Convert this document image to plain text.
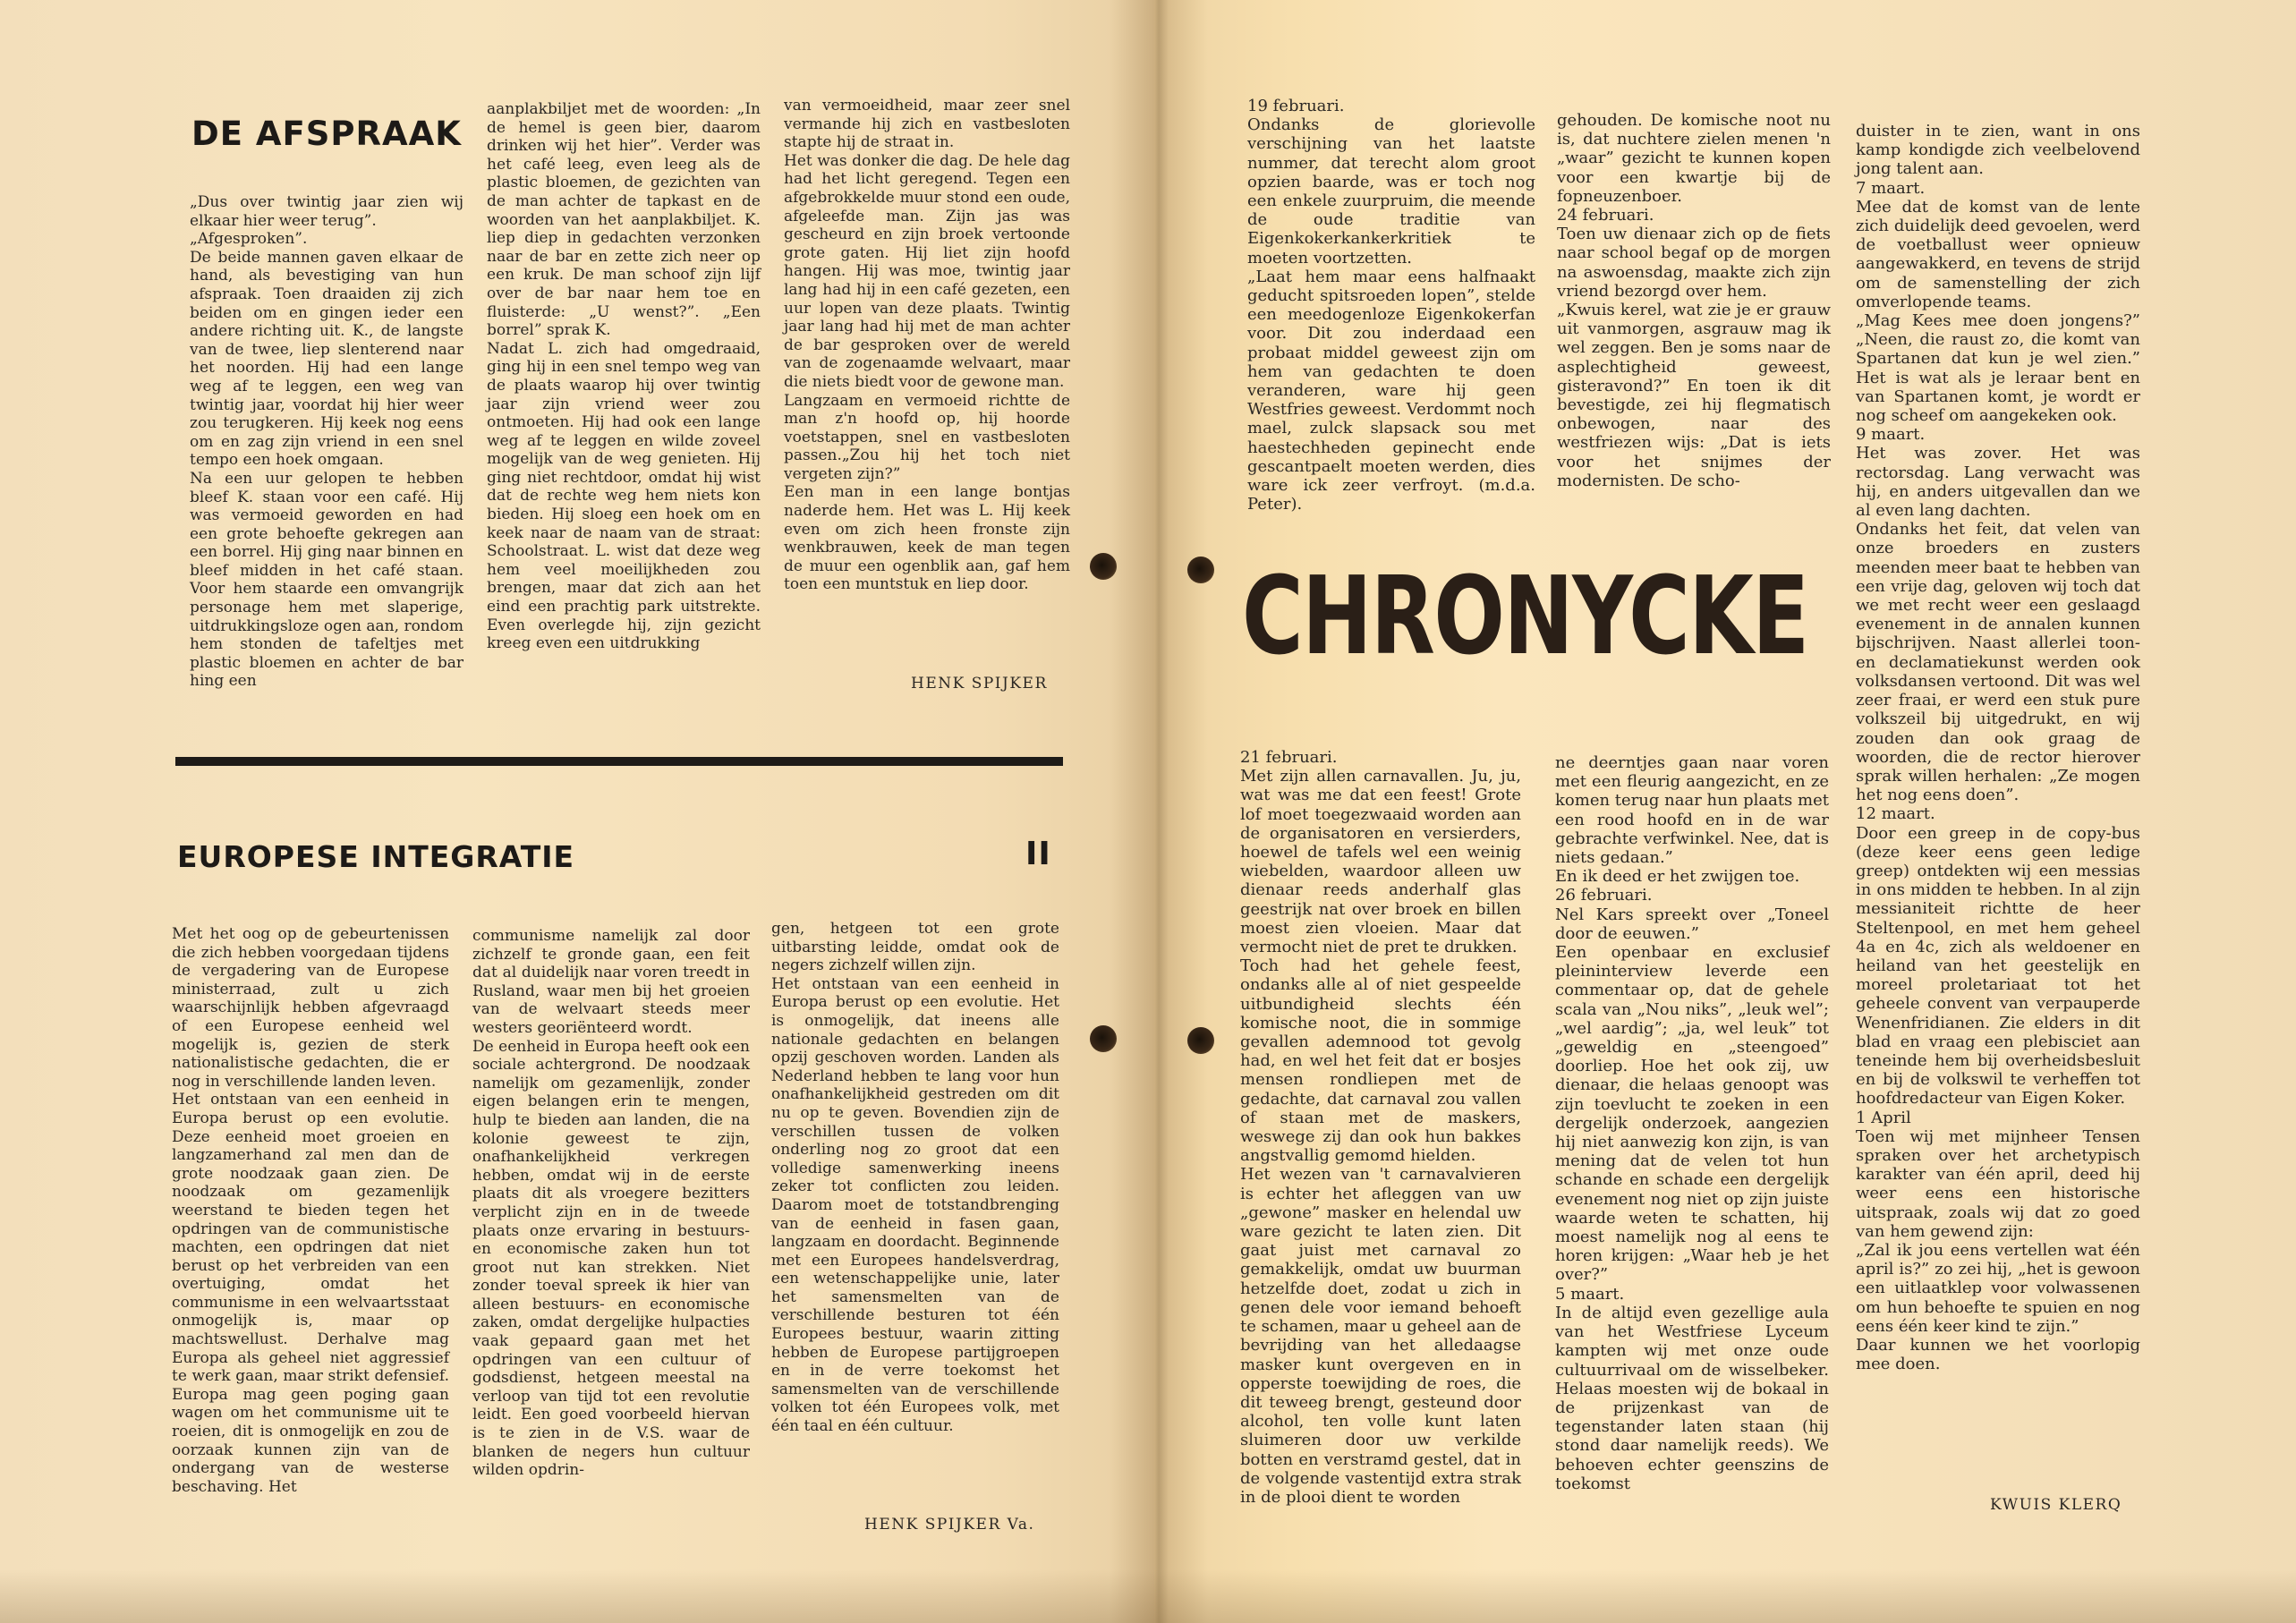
DE AFSPRAAK

„Dus over twintig jaar zien wij elkaar hier weer terug”.
„Afgesproken”.
De beide mannen gaven elkaar de hand, als bevestiging van hun afspraak. Toen draaiden zij zich beiden om en gingen ieder een andere richting uit. K., de langste van de twee, liep slenterend naar het noorden. Hij had een lange weg af te leggen, een weg van twintig jaar, voordat hij hier weer zou terugkeren. Hij keek nog eens om en zag zijn vriend in een snel tempo een hoek omgaan.
Na een uur gelopen te hebben bleef K. staan voor een café. Hij was vermoeid geworden en had een grote behoefte gekregen aan een borrel. Hij ging naar binnen en bleef midden in het café staan. Voor hem staarde een omvangrijk personage hem met slaperige, uitdrukkingsloze ogen aan, rondom hem stonden de tafeltjes met plastic bloemen en achter de bar hing een

aanplakbiljet met de woorden: „In de hemel is geen bier, daarom drinken wij het hier”. Verder was het café leeg, even leeg als de plastic bloemen, de gezichten van de man achter de tapkast en de woorden van het aanplakbiljet. K. liep diep in gedachten verzonken naar de bar en zette zich neer op een kruk. De man schoof zijn lijf over de bar naar hem toe en fluisterde: „U wenst?”. „Een borrel” sprak K.
Nadat L. zich had omgedraaid, ging hij in een snel tempo weg van de plaats waarop hij over twintig jaar zijn vriend weer zou ontmoeten. Hij had ook een lange weg af te leggen en wilde zoveel mogelijk van de weg genieten. Hij ging niet rechtdoor, omdat hij wist dat de rechte weg hem niets kon bieden. Hij sloeg een hoek om en keek naar de naam van de straat: Schoolstraat. L. wist dat deze weg hem veel moeilijkheden zou brengen, maar dat zich aan het eind een prachtig park uitstrekte. Even overlegde hij, zijn gezicht kreeg even een uitdrukking

van vermoeidheid, maar zeer snel vermande hij zich en vastbesloten stapte hij de straat in.
Het was donker die dag. De hele dag had het licht geregend. Tegen een afgebrokkelde muur stond een oude, afgeleefde man. Zijn jas was gescheurd en zijn broek vertoonde grote gaten. Hij liet zijn hoofd hangen. Hij was moe, twintig jaar lang had hij in een café gezeten, een uur lopen van deze plaats. Twintig jaar lang had hij met de man achter de bar gesproken over de wereld van de zogenaamde welvaart, maar die niets biedt voor de gewone man.
Langzaam en vermoeid richtte de man z'n hoofd op, hij hoorde voetstappen, snel en vastbesloten passen.„Zou hij het toch niet vergeten zijn?”
Een man in een lange bontjas naderde hem. Het was L. Hij keek even om zich heen fronste zijn wenkbrauwen, keek de man tegen de muur een ogenblik aan, gaf hem toen een muntstuk en liep door.

HENK SPIJKER

EUROPESE INTEGRATIE	II

Met het oog op de gebeurtenissen die zich hebben voorgedaan tijdens de vergadering van de Europese ministerraad, zult u zich waarschijnlijk hebben afgevraagd of een Europese eenheid wel mogelijk is, gezien de sterk nationalistische gedachten, die er nog in verschillende landen leven.
Het ontstaan van een eenheid in Europa berust op een evolutie. Deze eenheid moet groeien en langzamerhand zal men dan de grote noodzaak gaan zien. De noodzaak om gezamenlijk weerstand te bieden tegen het opdringen van de communistische machten, een opdringen dat niet berust op het verbreiden van een overtuiging, omdat het communisme in een welvaartsstaat onmogelijk is, maar op machtswellust. Derhalve mag Europa als geheel niet aggressief te werk gaan, maar strikt defensief. Europa mag geen poging gaan wagen om het communisme uit te roeien, dit is onmogelijk en zou de oorzaak kunnen zijn van de ondergang van de westerse beschaving. Het

communisme namelijk zal door zichzelf te gronde gaan, een feit dat al duidelijk naar voren treedt in Rusland, waar men bij het groeien van de welvaart steeds meer westers georiënteerd wordt.
De eenheid in Europa heeft ook een sociale achtergrond. De noodzaak namelijk om gezamenlijk, zonder eigen belangen erin te mengen, hulp te bieden aan landen, die na kolonie geweest te zijn, onafhankelijkheid verkregen hebben, omdat wij in de eerste plaats dit als vroegere bezitters verplicht zijn en in de tweede plaats onze ervaring in bestuurs- en economische zaken hun tot groot nut kan strekken. Niet zonder toeval spreek ik hier van alleen bestuurs- en economische zaken, omdat dergelijke hulpacties vaak gepaard gaan met het opdringen van een cultuur of godsdienst, hetgeen meestal na verloop van tijd tot een revolutie leidt. Een goed voorbeeld hiervan is te zien in de V.S. waar de blanken de negers hun cultuur wilden opdrin-

gen, hetgeen tot een grote uitbarsting leidde, omdat ook de negers zichzelf willen zijn.
Het ontstaan van een eenheid in Europa berust op een evolutie. Het is onmogelijk, dat ineens alle nationale gedachten en belangen opzij geschoven worden. Landen als Nederland hebben te lang voor hun onafhankelijkheid gestreden om dit nu op te geven. Bovendien zijn de verschillen tussen de volken onderling nog zo groot dat een volledige samenwerking ineens zeker tot conflicten zou leiden. Daarom moet de totstandbrenging van de eenheid in fasen gaan, langzaam en doordacht. Beginnende met een Europees handelsverdrag, een wetenschappelijke unie, later het samensmelten van de verschillende besturen tot één Europees bestuur, waarin zitting hebben de Europese partijgroepen en in de verre toekomst het samensmelten van de verschillende volken tot één Europees volk, met één taal en één cultuur.

HENK SPIJKER Va.

19 februari.
Ondanks de glorievolle verschijning van het laatste nummer, dat terecht alom groot opzien baarde, was er toch nog een enkele zuurpruim, die meende de oude traditie van Eigenkokerkankerkritiek te moeten voortzetten.
„Laat hem maar eens halfnaakt geducht spitsroeden lopen”, stelde een meedogenloze Eigenkokerfan voor. Dit zou inderdaad een probaat middel geweest zijn om hem van gedachten te doen veranderen, ware hij geen Westfries geweest. Verdommt noch mael, zulck slapsack sou met haestechheden gepinecht ende gescantpaelt moeten werden, dies ware ick zeer verfroyt. (m.d.a. Peter).

gehouden. De komische noot nu is, dat nuchtere zielen menen 'n „waar” gezicht te kunnen kopen voor een kwartje bij de fopneuzenboer.
24 februari.
Toen uw dienaar zich op de fiets naar school begaf op de morgen na aswoensdag, maakte zich zijn vriend bezorgd over hem.
„Kwuis kerel, wat zie je er grauw uit vanmorgen, asgrauw mag ik wel zeggen. Ben je soms naar de asplechtigheid geweest, gisteravond?” En toen ik dit bevestigde, zei hij flegmatisch onbewogen, naar des westfriezen wijs: „Dat is iets voor het snijmes der modernisten. De scho-

duister in te zien, want in ons kamp kondigde zich veelbelovend jong talent aan.
7 maart.
Mee dat de komst van de lente zich duidelijk deed gevoelen, werd de voetballust weer opnieuw aangewakkerd, en tevens de strijd om de samenstelling der zich omverlopende teams.
„Mag Kees mee doen jongens?” „Neen, die raust zo, die komt van Spartanen dat kun je wel zien.” Het is wat als je leraar bent en van Spartanen komt, je wordt er nog scheef om aangekeken ook.
9 maart.
Het was zover. Het was rectorsdag. Lang verwacht was hij, en anders uitgevallen dan we al even lang dachten.
Ondanks het feit, dat velen van onze broeders en zusters meenden meer baat te hebben van een vrije dag, geloven wij toch dat we met recht weer een geslaagd evenement in de annalen kunnen bijschrijven. Naast allerlei toon- en declamatiekunst werden ook volksdansen vertoond. Dit was wel zeer fraai, er werd een stuk pure volkszeil bij uitgedrukt, en wij zouden dan ook graag de woorden, die de rector hierover sprak willen herhalen: „Ze mogen het nog eens doen”.
12 maart.
Door een greep in de copy-bus (deze keer eens geen ledige greep) ontdekten wij een messias in ons midden te hebben. In al zijn messianiteit richtte de heer Steltenpool, en met hem geheel 4a en 4c, zich als weldoener en heiland van het geestelijk en moreel proletariaat tot het geheele convent van verpauperde Wenenfridianen. Zie elders in dit blad en vraag een plebisciet aan teneinde hem bij overheidsbesluit en bij de volkswil te verheffen tot hoofdredacteur van Eigen Koker.
1 April
Toen wij met mijnheer Tensen spraken over het archetypisch karakter van één april, deed hij weer eens een historische uitspraak, zoals wij dat zo goed van hem gewend zijn:
„Zal ik jou eens vertellen wat één april is?” zo zei hij, „het is gewoon een uitlaatklep voor volwassenen om hun behoefte te spuien en nog eens één keer kind te zijn.”
Daar kunnen we het voorlopig mee doen.

CHRONYCKE

21 februari.
Met zijn allen carnavallen. Ju, ju, wat was me dat een feest! Grote lof moet toegezwaaid worden aan de organisatoren en versierders, hoewel de tafels wel een weinig wiebelden, waardoor alleen uw dienaar reeds anderhalf glas geestrijk nat over broek en billen moest zien vloeien. Maar dat vermocht niet de pret te drukken.
Toch had het gehele feest, ondanks alle al of niet gespeelde uitbundigheid slechts één komische noot, die in sommige gevallen ademnood tot gevolg had, en wel het feit dat er bosjes mensen rondliepen met de gedachte, dat carnaval zou vallen of staan met de maskers, weswege zij dan ook hun bakkes angstvallig gemomd hielden.
Het wezen van 't carnavalvieren is echter het afleggen van uw „gewone” masker en helendal uw ware gezicht te laten zien. Dit gaat juist met carnaval zo gemakkelijk, omdat uw buurman hetzelfde doet, zodat u zich in genen dele voor iemand behoeft te schamen, maar u geheel aan de bevrijding van het alledaagse masker kunt overgeven en in opperste toewijding de roes, die dit teweeg brengt, gesteund door alcohol, ten volle kunt laten sluimeren door uw verkilde botten en verstramd gestel, dat in de volgende vastentijd extra strak in de plooi dient te worden

ne deerntjes gaan naar voren met een fleurig aangezicht, en ze komen terug naar hun plaats met een rood hoofd en in de war gebrachte verfwinkel. Nee, dat is niets gedaan.”
En ik deed er het zwijgen toe.
26 februari.
Nel Kars spreekt over „Toneel door de eeuwen.”
Een openbaar en exclusief pleininterview leverde een commentaar op, dat de gehele scala van „Nou niks”, „leuk wel”; „wel aardig”; „ja, wel leuk” tot „geweldig en „steengoed” doorliep. Hoe het ook zij, uw dienaar, die helaas genoopt was zijn toevlucht te zoeken in een dergelijk onderzoek, aangezien hij niet aanwezig kon zijn, is van mening dat de velen tot hun schande en schade een dergelijk evenement nog niet op zijn juiste waarde weten te schatten, hij moest namelijk nog al eens te horen krijgen: „Waar heb je het over?”
5 maart.
In de altijd even gezellige aula van het Westfriese Lyceum kampten wij met onze oude cultuurrivaal om de wisselbeker. Helaas moesten wij de bokaal in de prijzenkast van de tegenstander laten staan (hij stond daar namelijk reeds). We behoeven echter geenszins de toekomst

KWUIS KLERQ
